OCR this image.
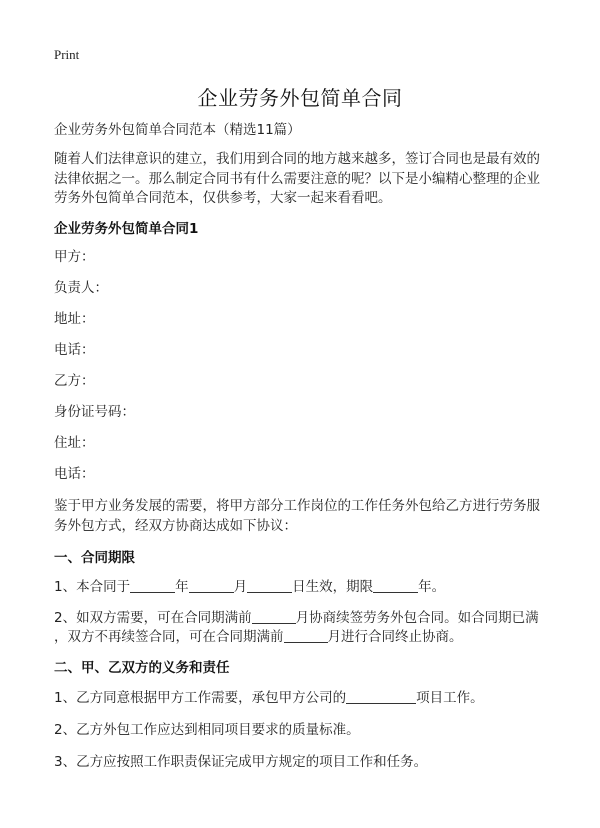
Print
企业劳务外包简单合同
企业劳务外包简单合同范本（精选11篇）
随着人们法律意识的建立，我们用到合同的地方越来越多，签订合同也是最有效的
法律依据之一。那么制定合同书有什么需要注意的呢？以下是小编精心整理的企业
劳务外包简单合同范本，仅供参考，大家一起来看看吧。
企业劳务外包简单合同1
甲方：
负责人：
地址：
电话：
乙方：
身份证号码：
住址：
电话：
鉴于甲方业务发展的需要，将甲方部分工作岗位的工作任务外包给乙方进行劳务服
务外包方式，经双方协商达成如下协议：
一、合同期限
1、本合同于	年	月	日生效，期限	年。
2、如双方需要，可在合同期满前	月协商续签劳务外包合同。如合同期已满
，双方不再续签合同，可在合同期满前	月进行合同终止协商。
二、甲、乙双方的义务和责任
1、乙方同意根据甲方工作需要，承包甲方公司的	项目工作。
2、乙方外包工作应达到相同项目要求的质量标准。
3、乙方应按照工作职责保证完成甲方规定的项目工作和任务。
